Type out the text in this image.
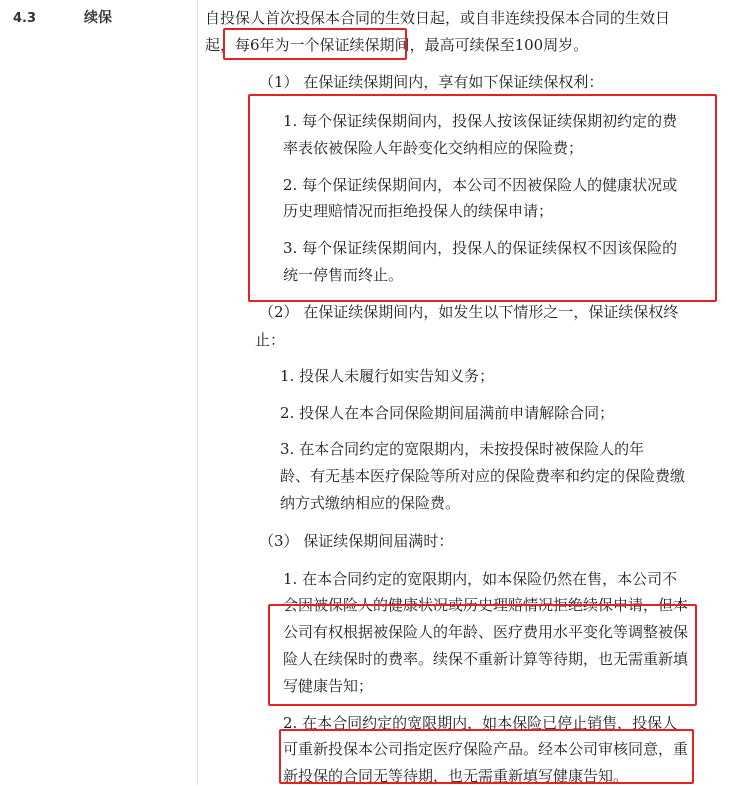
4.3	续保	自投保人首次投保本合同的生效日起，或自非连续投保本合同的生效日
起，每6年为一个保证续保期间，最高可续保至100周岁。
（1） 在保证续保期间内，享有如下保证续保权利：
1. 每个保证续保期间内，投保人按该保证续保期初约定的费
率表依被保险人年龄变化交纳相应的保险费；
2. 每个保证续保期间内，本公司不因被保险人的健康状况或
历史理赔情况而拒绝投保人的续保申请；
3. 每个保证续保期间内，投保人的保证续保权不因该保险的
统一停售而终止。
（2） 在保证续保期间内，如发生以下情形之一，保证续保权终
止：
1. 投保人未履行如实告知义务；
2. 投保人在本合同保险期间届满前申请解除合同；
3. 在本合同约定的宽限期内，未按投保时被保险人的年
龄、有无基本医疗保险等所对应的保险费率和约定的保险费缴
纳方式缴纳相应的保险费。
（3） 保证续保期间届满时：
1. 在本合同约定的宽限期内，如本保险仍然在售，本公司不
会因被保险人的健康状况或历史理赔情况拒绝续保申请，但本
公司有权根据被保险人的年龄、医疗费用水平变化等调整被保
险人在续保时的费率。续保不重新计算等待期，也无需重新填
写健康告知；
2. 在本合同约定的宽限期内，如本保险已停止销售，投保人
可重新投保本公司指定医疗保险产品。经本公司审核同意，重
新投保的合同无等待期，也无需重新填写健康告知。
